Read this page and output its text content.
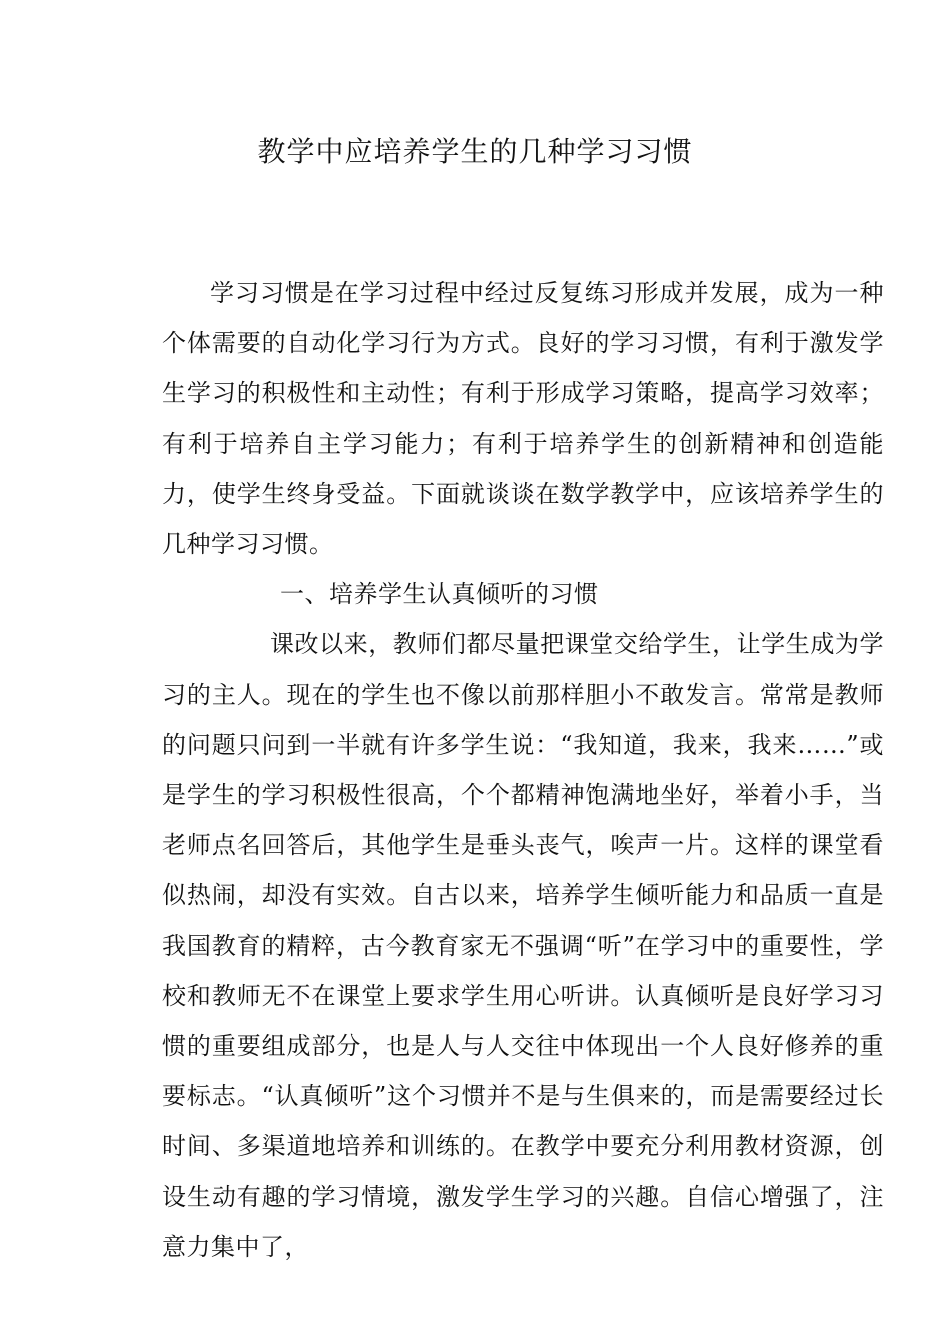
教学中应培养学生的几种学习习惯

学习习惯是在学习过程中经过反复练习形成并发展，成为一种个体需要的自动化学习行为方式。良好的学习习惯，有利于激发学生学习的积极性和主动性；有利于形成学习策略，提高学习效率；有利于培养自主学习能力；有利于培养学生的创新精神和创造能力，使学生终身受益。下面就谈谈在数学教学中，应该培养学生的几种学习习惯。

一、培养学生认真倾听的习惯

课改以来，教师们都尽量把课堂交给学生，让学生成为学习的主人。现在的学生也不像以前那样胆小不敢发言。常常是教师的问题只问到一半就有许多学生说：“我知道，我来，我来……”或是学生的学习积极性很高，个个都精神饱满地坐好，举着小手，当老师点名回答后，其他学生是垂头丧气，唉声一片。这样的课堂看似热闹，却没有实效。自古以来，培养学生倾听能力和品质一直是我国教育的精粹，古今教育家无不强调“听”在学习中的重要性，学校和教师无不在课堂上要求学生用心听讲。认真倾听是良好学习习惯的重要组成部分，也是人与人交往中体现出一个人良好修养的重要标志。“认真倾听”这个习惯并不是与生俱来的，而是需要经过长时间、多渠道地培养和训练的。在教学中要充分利用教材资源，创设生动有趣的学习情境，激发学生学习的兴趣。自信心增强了，注意力集中了，
